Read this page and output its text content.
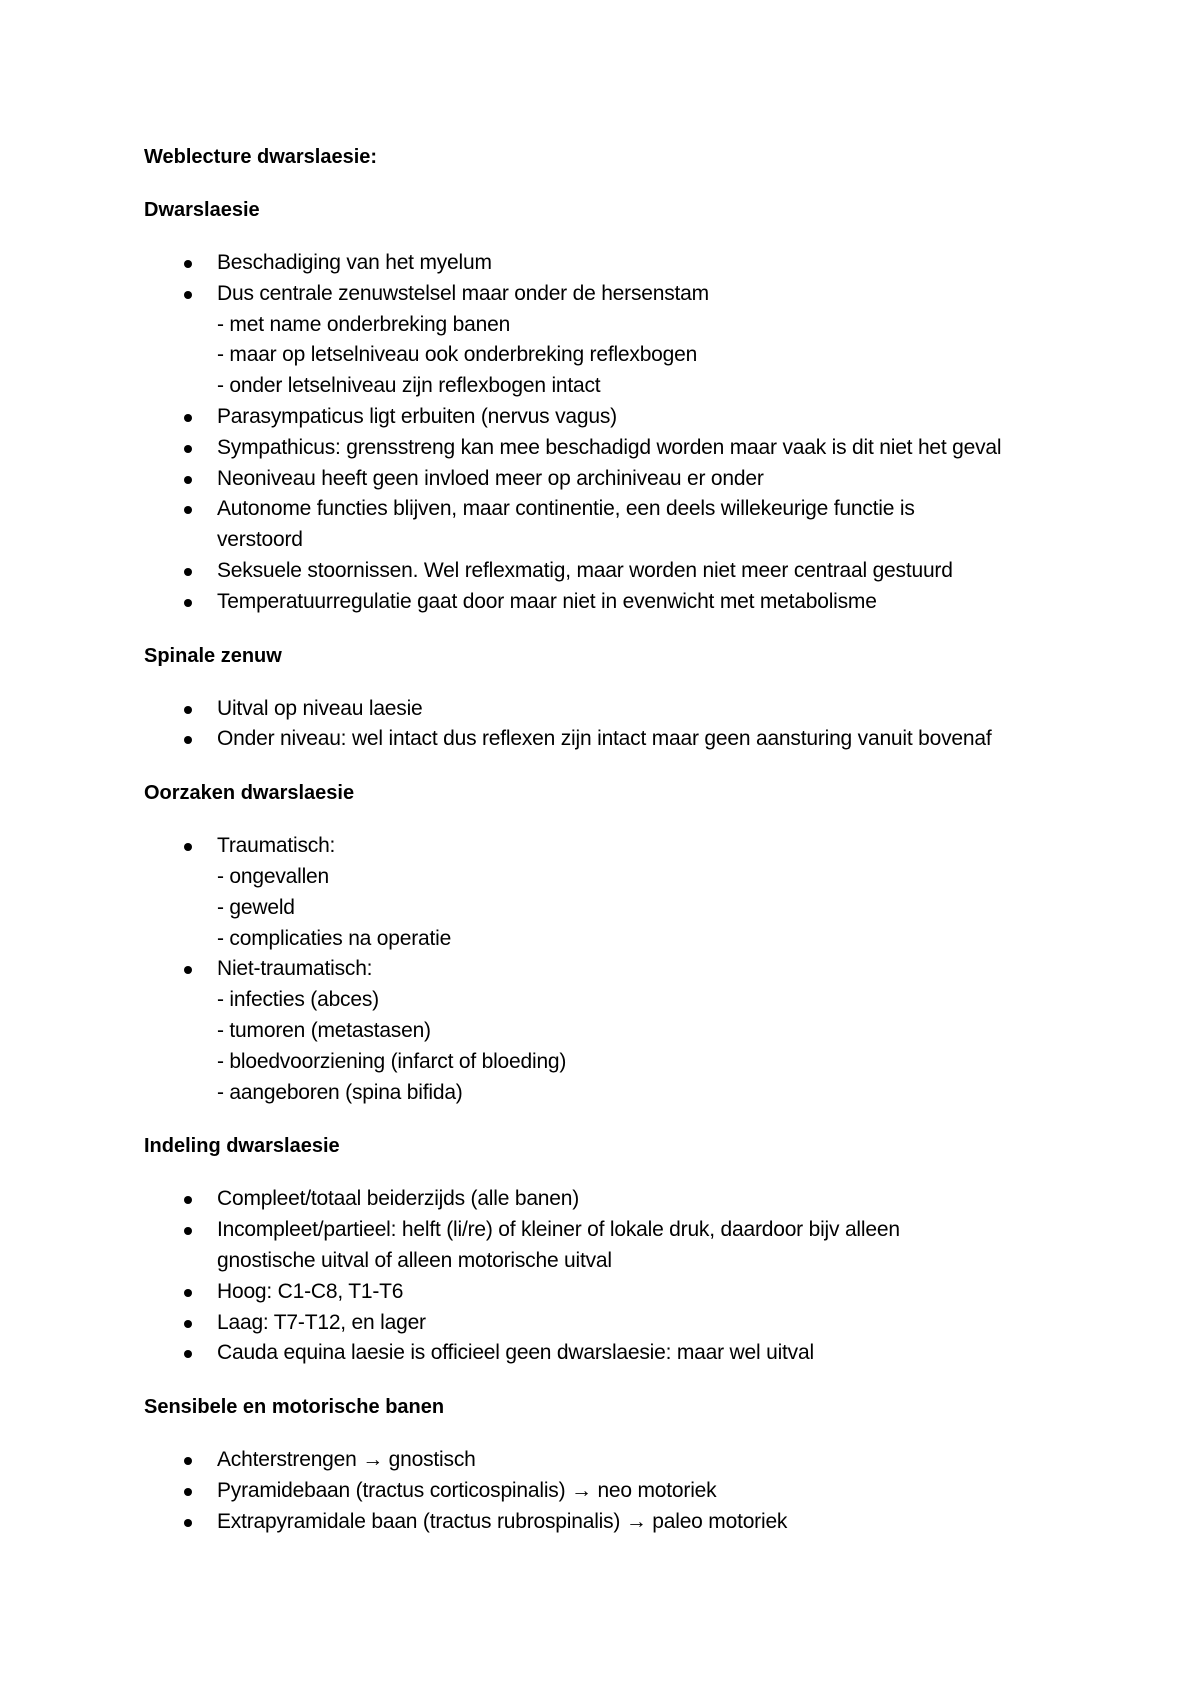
Weblecture dwarslaesie:
Dwarslaesie
Beschadiging van het myelum
Dus centrale zenuwstelsel maar onder de hersenstam
- met name onderbreking banen
- maar op letselniveau ook onderbreking reflexbogen
- onder letselniveau zijn reflexbogen intact
Parasympaticus ligt erbuiten (nervus vagus)
Sympathicus: grensstreng kan mee beschadigd worden maar vaak is dit niet het geval
Neoniveau heeft geen invloed meer op archiniveau er onder
Autonome functies blijven, maar continentie, een deels willekeurige functie is
verstoord
Seksuele stoornissen. Wel reflexmatig, maar worden niet meer centraal gestuurd
Temperatuurregulatie gaat door maar niet in evenwicht met metabolisme
Spinale zenuw
Uitval op niveau laesie
Onder niveau: wel intact dus reflexen zijn intact maar geen aansturing vanuit bovenaf
Oorzaken dwarslaesie
Traumatisch:
- ongevallen
- geweld
- complicaties na operatie
Niet-traumatisch:
- infecties (abces)
- tumoren (metastasen)
- bloedvoorziening (infarct of bloeding)
- aangeboren (spina bifida)
Indeling dwarslaesie
Compleet/totaal beiderzijds (alle banen)
Incompleet/partieel: helft (li/re) of kleiner of lokale druk, daardoor bijv alleen
gnostische uitval of alleen motorische uitval
Hoog: C1-C8, T1-T6
Laag: T7-T12, en lager
Cauda equina laesie is officieel geen dwarslaesie: maar wel uitval
Sensibele en motorische banen
Achterstrengen → gnostisch
Pyramidebaan (tractus corticospinalis) → neo motoriek
Extrapyramidale baan (tractus rubrospinalis) → paleo motoriek
